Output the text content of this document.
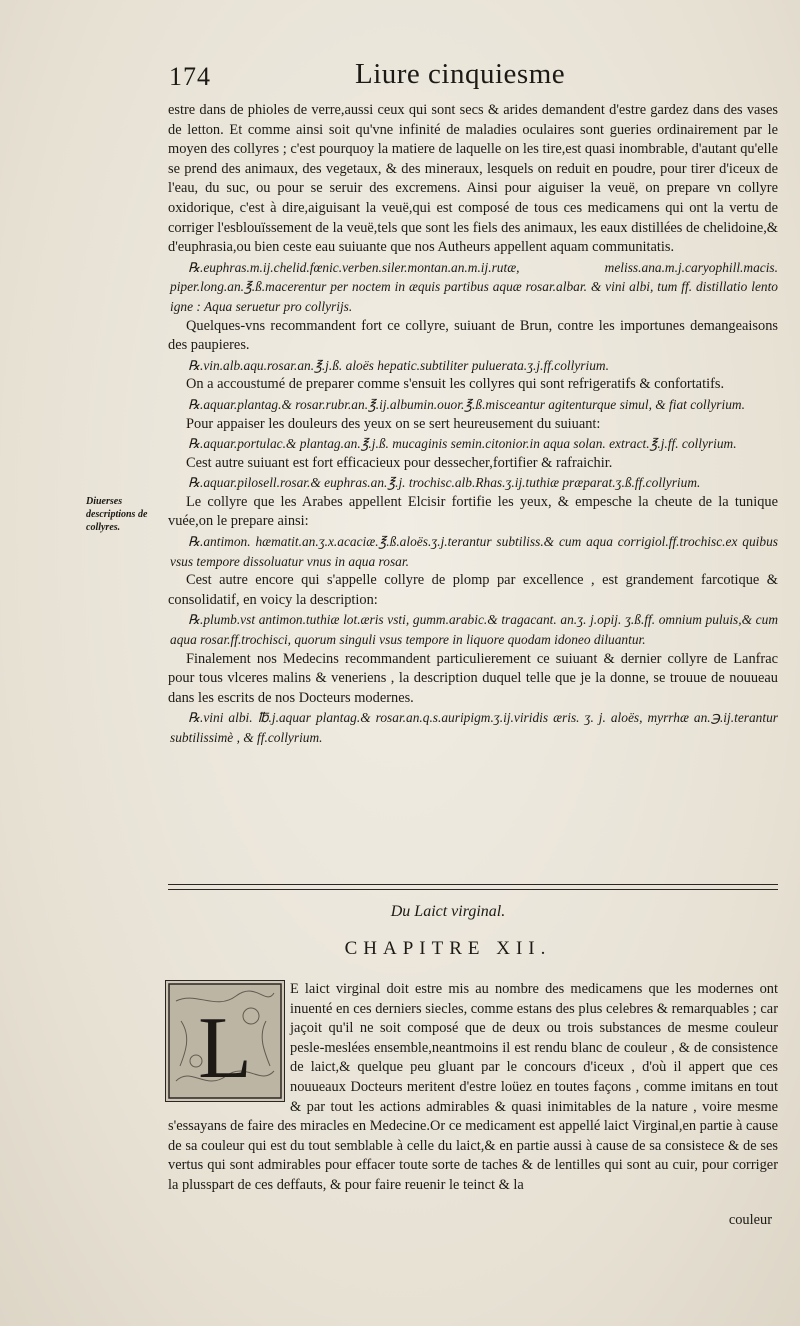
174	Liure cinquiesme
Diuerses descriptions de collyres.

estre dans de phioles de verre,aussi ceux qui sont secs & arides demandent d'estre gardez dans des vases de letton. Et comme ainsi soit qu'vne infinité de maladies oculaires sont gueries ordinairement par le moyen des collyres ; c'est pourquoy la matiere de laquelle on les tire,est quasi inombrable, d'autant qu'elle se prend des animaux, des vegetaux, & des mineraux, lesquels on reduit en poudre, pour tirer d'iceux de l'eau, du suc, ou pour se seruir des excremens. Ainsi pour aiguiser la veuë, on prepare vn collyre oxidorique, c'est à dire,aiguisant la veuë,qui est composé de tous ces medicamens qui ont la vertu de corriger l'esblouïssement de la veuë,tels que sont les fiels des animaux, les eaux distillées de chelidoine,& d'euphrasia,ou bien ceste eau suiuante que nos Autheurs appellent aquam communitatis.

℞.euphras.m.ij.chelid.fœnic.verben.siler.montan.an.m.ij.rutæ, meliss.ana.m.j.caryophill.macis. piper.long.an.℥.ß.macerentur per noctem in æquis partibus aquæ rosar.albar. & vini albi, tum ff. distillatio lento igne : Aqua seruetur pro collyrijs.

Quelques-vns recommandent fort ce collyre, suiuant de Brun, contre les importunes demangeaisons des paupieres.

℞.vin.alb.aqu.rosar.an.℥.j.ß. aloës hepatic.subtiliter puluerata.ʒ.j.ff.collyrium.

On a accoustumé de preparer comme s'ensuit les collyres qui sont refrigeratifs & confortatifs.

℞.aquar.plantag.& rosar.rubr.an.℥.ij.albumin.ouor.℥.ß.misceantur agitenturque simul, & fiat collyrium.

Pour appaiser les douleurs des yeux on se sert heureusement du suiuant:

℞.aquar.portulac.& plantag.an.℥.j.ß. mucaginis semin.citonior.in aqua solan. extract.℥.j.ff. collyrium.

Cest autre suiuant est fort efficacieux pour dessecher,fortifier & rafraichir.

℞.aquar.pilosell.rosar.& euphras.an.℥.j. trochisc.alb.Rhas.ʒ.ij.tuthiæ præparat.ʒ.ß.ff.collyrium.

Le collyre que les Arabes appellent Elcisir fortifie les yeux, & empesche la cheute de la tunique vuée,on le prepare ainsi:

℞.antimon. hæmatit.an.ʒ.x.acaciæ.℥.ß.aloës.ʒ.j.terantur subtiliss.& cum aqua corrigiol.ff.trochisc.ex quibus vsus tempore dissoluatur vnus in aqua rosar.

Cest autre encore qui s'appelle collyre de plomp par excellence , est grandement farcotique & consolidatif, en voicy la description:

℞.plumb.vst antimon.tuthiæ lot.æris vsti, gumm.arabic.& tragacant. an.ʒ. j.opij. ʒ.ß.ff. omnium puluis,& cum aqua rosar.ff.trochisci, quorum singuli vsus tempore in liquore quodam idoneo diluantur.

Finalement nos Medecins recommandent particulierement ce suiuant & dernier collyre de Lanfrac pour tous vlceres malins & veneriens , la description duquel telle que je la donne, se trouue de nouueau dans les escrits de nos Docteurs modernes.

℞.vini albi. ℔.j.aquar plantag.& rosar.an.q.s.auripigm.ʒ.ij.viridis æris. ʒ. j. aloës, myrrhæ an.℈.ij.terantur subtilissimè , & ff.collyrium.

Du Laict virginal.
CHAPITRE XII.
L

E laict virginal doit estre mis au nombre des medicamens que les modernes ont inuenté en ces derniers siecles, comme estans des plus celebres & remarquables ; car jaçoit qu'il ne soit composé que de deux ou trois substances de mesme couleur pesle-meslées ensemble,neantmoins il est rendu blanc de couleur , & de consistence de laict,& quelque peu gluant par le concours d'iceux , d'où il appert que ces nouueaux Docteurs meritent d'estre loüez en toutes façons , comme imitans en tout & par tout les actions admirables & quasi inimitables de la nature , voire mesme s'essayans de faire des miracles en Medecine.Or ce medicament est appellé laict Virginal,en partie à cause de sa couleur qui est du tout semblable à celle du laict,& en partie aussi à cause de sa consistece & de ses vertus qui sont admirables pour effacer toute sorte de taches & de lentilles qui sont au cuir, pour corriger la plusspart de ces deffauts, & pour faire reuenir le teinct & la

couleur
